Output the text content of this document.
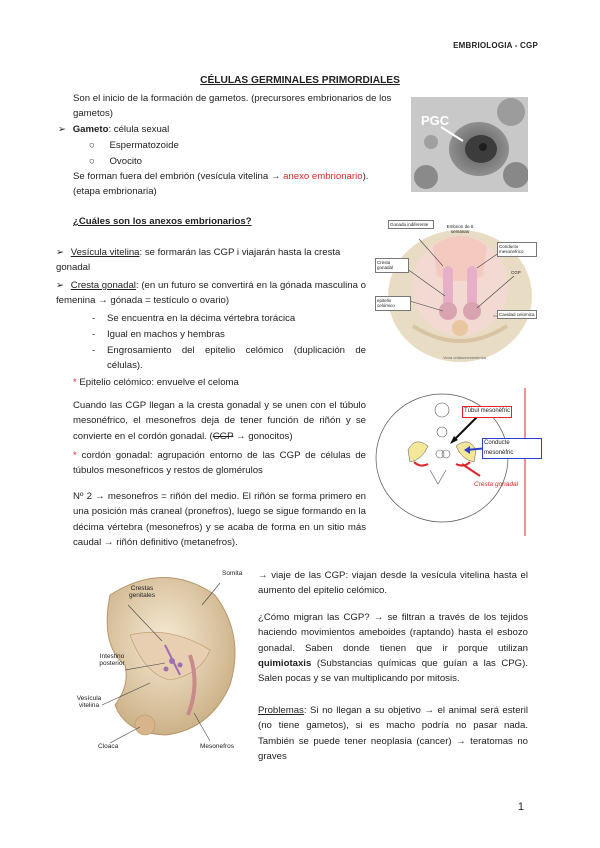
EMBRIOLOGIA - CGP
CÉLULAS GERMINALES PRIMORDIALES
Son el inicio de la formación de gametos. (precursores embrionarios de los gametos)
➢ Gameto: célula sexual
○ Espermatozoide
○ Ovocito
Se forman fuera del embrión (vesícula vitelina → anexo embrionario). (etapa embrionaria)
¿Cuáles son los anexos embrionarios?
➢ Vesícula vitelina: se formarán las CGP i viajarán hasta la cresta gonadal
➢ Cresta gonadal: (en un futuro se convertirá en la gónada masculina o femenina → gónada = testículo o ovario)
- Se encuentra en la décima vértebra torácica
- Igual en machos y hembras
- Engrosamiento del epitelio celómico (duplicación de células).
* Epitelio celómico: envuelve el celoma
Cuando las CGP llegan a la cresta gonadal y se unen con el túbulo mesonéfrico, el mesonefros deja de tener función de riñón y se convierte en el cordón gonadal. (CGP → gonocitos)
* cordón gonadal: agrupación entorno de las CGP de células de túbulos mesonefricos y restos de glomérulos
Nº 2 → mesonefros = riñón del medio. El riñón se forma primero en una posición más craneal (pronefros), luego se sigue formando en la décima vértebra (mesonefros) y se acaba de forma en un sitio más caudal → riñón definitivo (metanefros).
→ viaje de las CGP: viajan desde la vesícula vitelina hasta el aumento del epitelio celómico.
¿Cómo migran las CGP? → se filtran a través de los tejidos haciendo movimientos ameboides (raptando) hasta el esbozo gonadal. Saben donde tienen que ir porque utilizan quimiotaxis (Substancias químicas que guían a las CPG). Salen pocas y se van multiplicando por mitosis.
Problemas: Si no llegan a su objetivo → el animal será esteril (no tiene gametos), si es macho podría no pasar nada. También se puede tener neoplasia (cancer) → teratomas no graves
1
PGC
Gonada indiferente	Embrion de 6 semanas
Conducto mesonefrico
Cresta gonadal
CGP
epitelio celómico
Cavidad celomica
Vena onfalomesentérica
Túbul mesonèfric
Conducte mesonèfric
Cresta gonadal
Crestas genitales
Somita
Intestino posterior
Vesícula vitelina
Cloaca	Mesonefros
